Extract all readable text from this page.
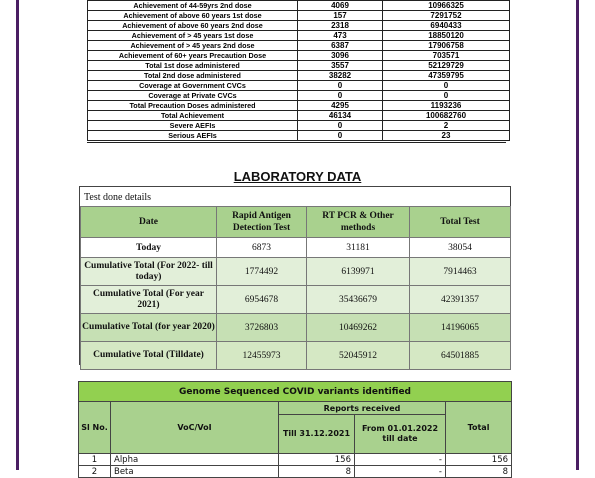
Achievement of 44-59yrs 2nd dose	4069	10966325
Achievement of above 60 years 1st dose	157	7291752
Achievement of above 60 years 2nd dose	2318	6940433
Achievement of > 45 years 1st dose	473	18850120
Achievement of > 45 years 2nd dose	6387	17906758
Achievement of 60+ years Precaution Dose	3096	703571
Total 1st dose administered	3557	52129729
Total 2nd dose administered	38282	47359795
Coverage at Government CVCs	0	0
Coverage at Private CVCs	0	0
Total Precaution Doses administered	4295	1193236
Total Achievement	46134	100682760
Severe AEFIs	0	2
Serious AEFIs	0	23
LABORATORY DATA
Test done details
Date	Rapid Antigen Detection Test	RT PCR & Other methods	Total Test
Today	6873	31181	38054
Cumulative Total (For 2022- till today)	1774492	6139971	7914463
Cumulative Total (For year 2021)	6954678	35436679	42391357
Cumulative Total (for year 2020)	3726803	10469262	14196065
Cumulative Total (Tilldate)	12455973	52045912	64501885
Genome Sequenced COVID variants identified				
Sl No.	VoC/VoI	Reports received		Total
		Till 31.12.2021	From 01.01.2022 till date	
1	Alpha	156	-	156
2	Beta	8	-	8
